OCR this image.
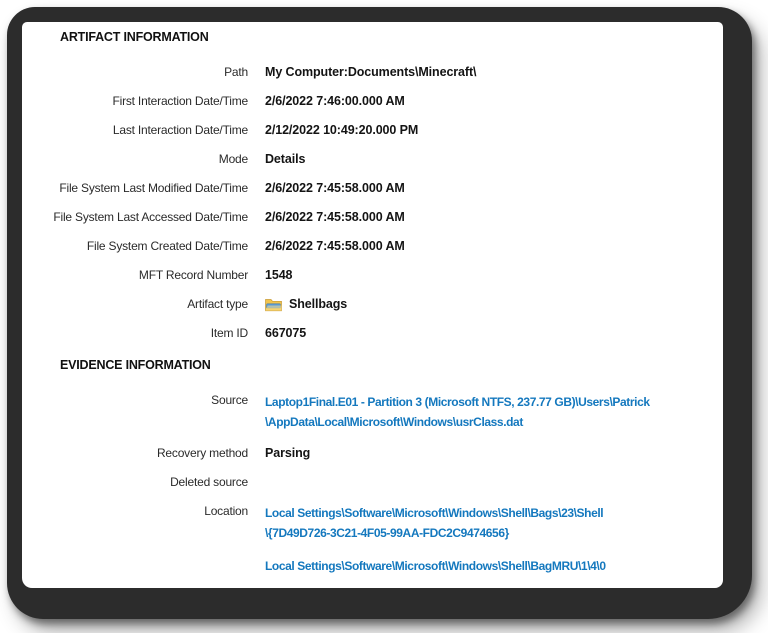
ARTIFACT INFORMATION
Path My Computer:Documents\Minecraft\
First Interaction Date/Time 2/6/2022 7:46:00.000 AM
Last Interaction Date/Time 2/12/2022 10:49:20.000 PM
Mode Details
File System Last Modified Date/Time 2/6/2022 7:45:58.000 AM
File System Last Accessed Date/Time 2/6/2022 7:45:58.000 AM
File System Created Date/Time 2/6/2022 7:45:58.000 AM
MFT Record Number 1548
Artifact type	Shellbags
Item ID 667075
EVIDENCE INFORMATION
Source Laptop1Final.E01 - Partition 3 (Microsoft NTFS, 237.77 GB)\Users\Patrick
\AppData\Local\Microsoft\Windows\usrClass.dat
Recovery method Parsing
Deleted source
Location Local Settings\Software\Microsoft\Windows\Shell\Bags\23\Shell
\{7D49D726-3C21-4F05-99AA-FDC2C9474656}
Local Settings\Software\Microsoft\Windows\Shell\BagMRU\1\4\0
